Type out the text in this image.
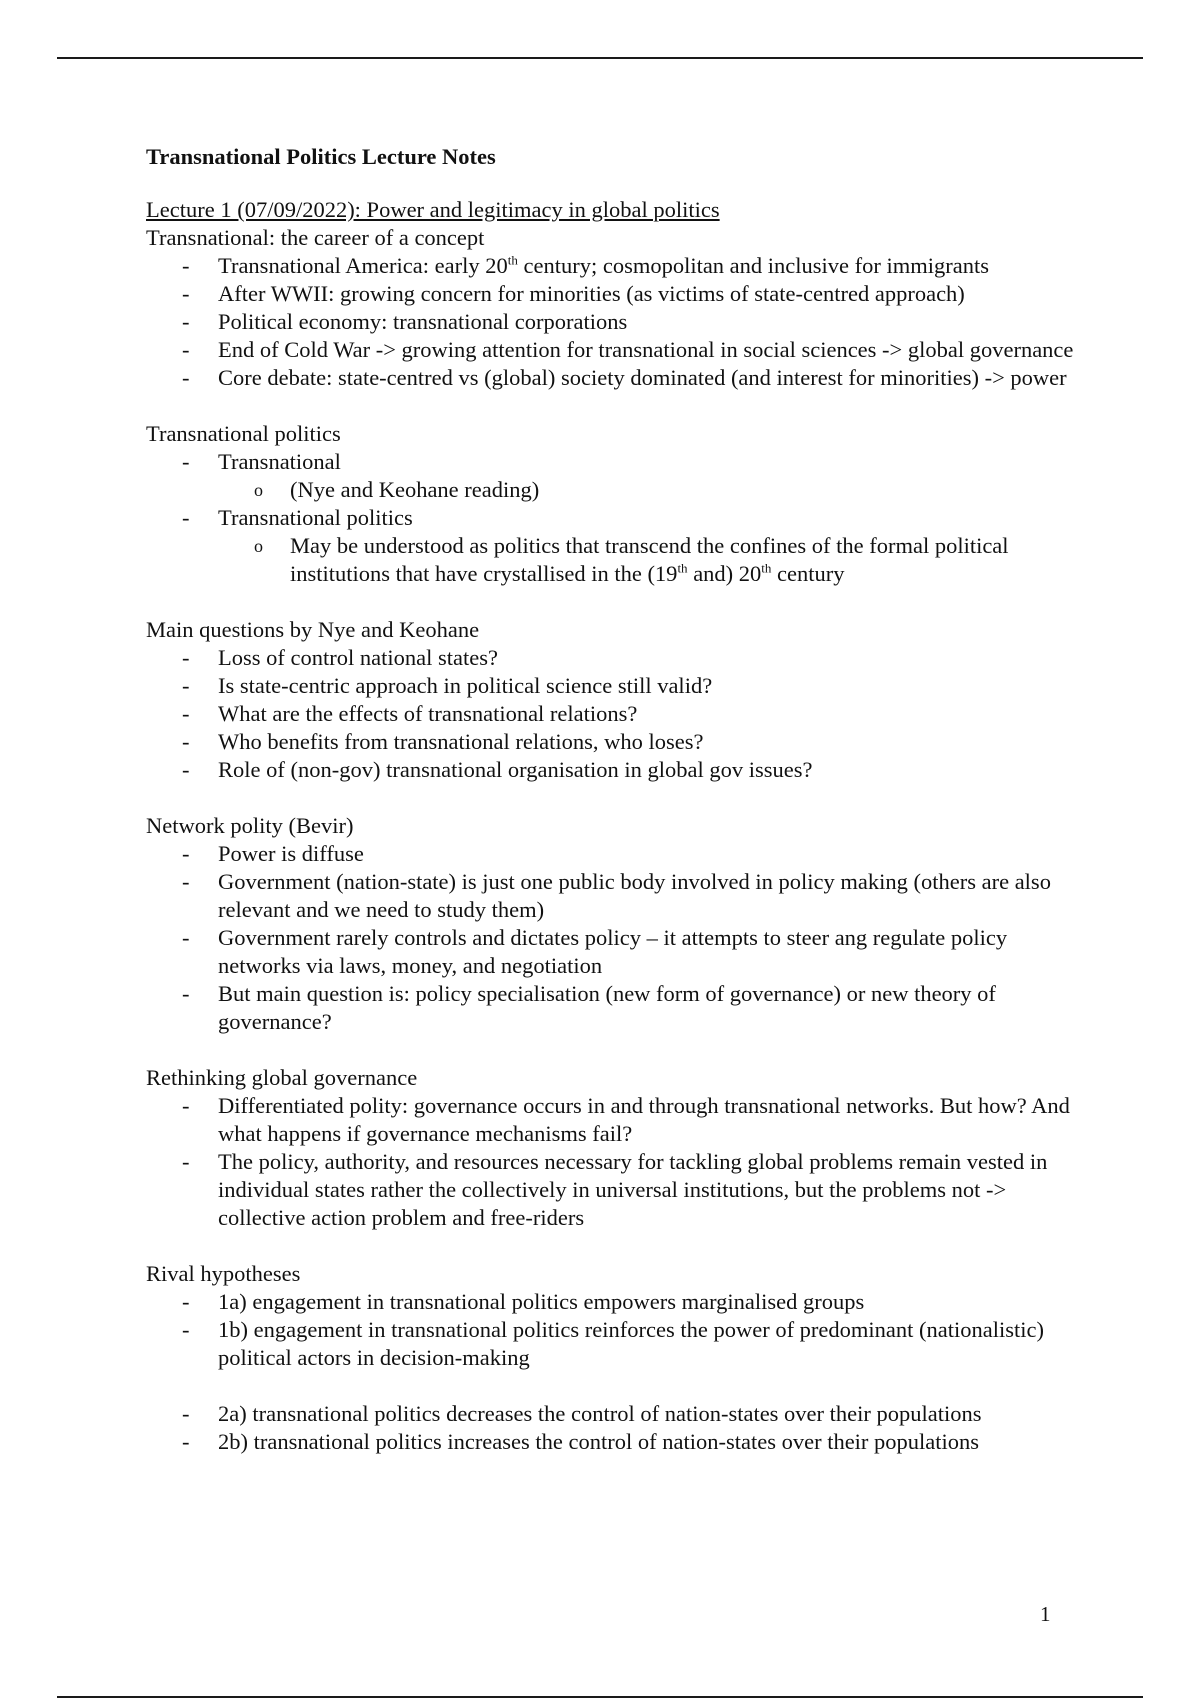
Transnational Politics Lecture Notes
Lecture 1 (07/09/2022): Power and legitimacy in global politics
Transnational: the career of a concept
- Transnational America: early 20th century; cosmopolitan and inclusive for immigrants
- After WWII: growing concern for minorities (as victims of state-centred approach)
- Political economy: transnational corporations
- End of Cold War -> growing attention for transnational in social sciences -> global governance
- Core debate: state-centred vs (global) society dominated (and interest for minorities) -> power
Transnational politics
- Transnational
o (Nye and Keohane reading)
- Transnational politics
o May be understood as politics that transcend the confines of the formal political institutions that have crystallised in the (19th and) 20th century
Main questions by Nye and Keohane
- Loss of control national states?
- Is state-centric approach in political science still valid?
- What are the effects of transnational relations?
- Who benefits from transnational relations, who loses?
- Role of (non-gov) transnational organisation in global gov issues?
Network polity (Bevir)
- Power is diffuse
- Government (nation-state) is just one public body involved in policy making (others are also relevant and we need to study them)
- Government rarely controls and dictates policy – it attempts to steer ang regulate policy networks via laws, money, and negotiation
- But main question is: policy specialisation (new form of governance) or new theory of governance?
Rethinking global governance
- Differentiated polity: governance occurs in and through transnational networks. But how? And what happens if governance mechanisms fail?
- The policy, authority, and resources necessary for tackling global problems remain vested in individual states rather the collectively in universal institutions, but the problems not -> collective action problem and free-riders
Rival hypotheses
- 1a) engagement in transnational politics empowers marginalised groups
- 1b) engagement in transnational politics reinforces the power of predominant (nationalistic) political actors in decision-making
- 2a) transnational politics decreases the control of nation-states over their populations
- 2b) transnational politics increases the control of nation-states over their populations
1
